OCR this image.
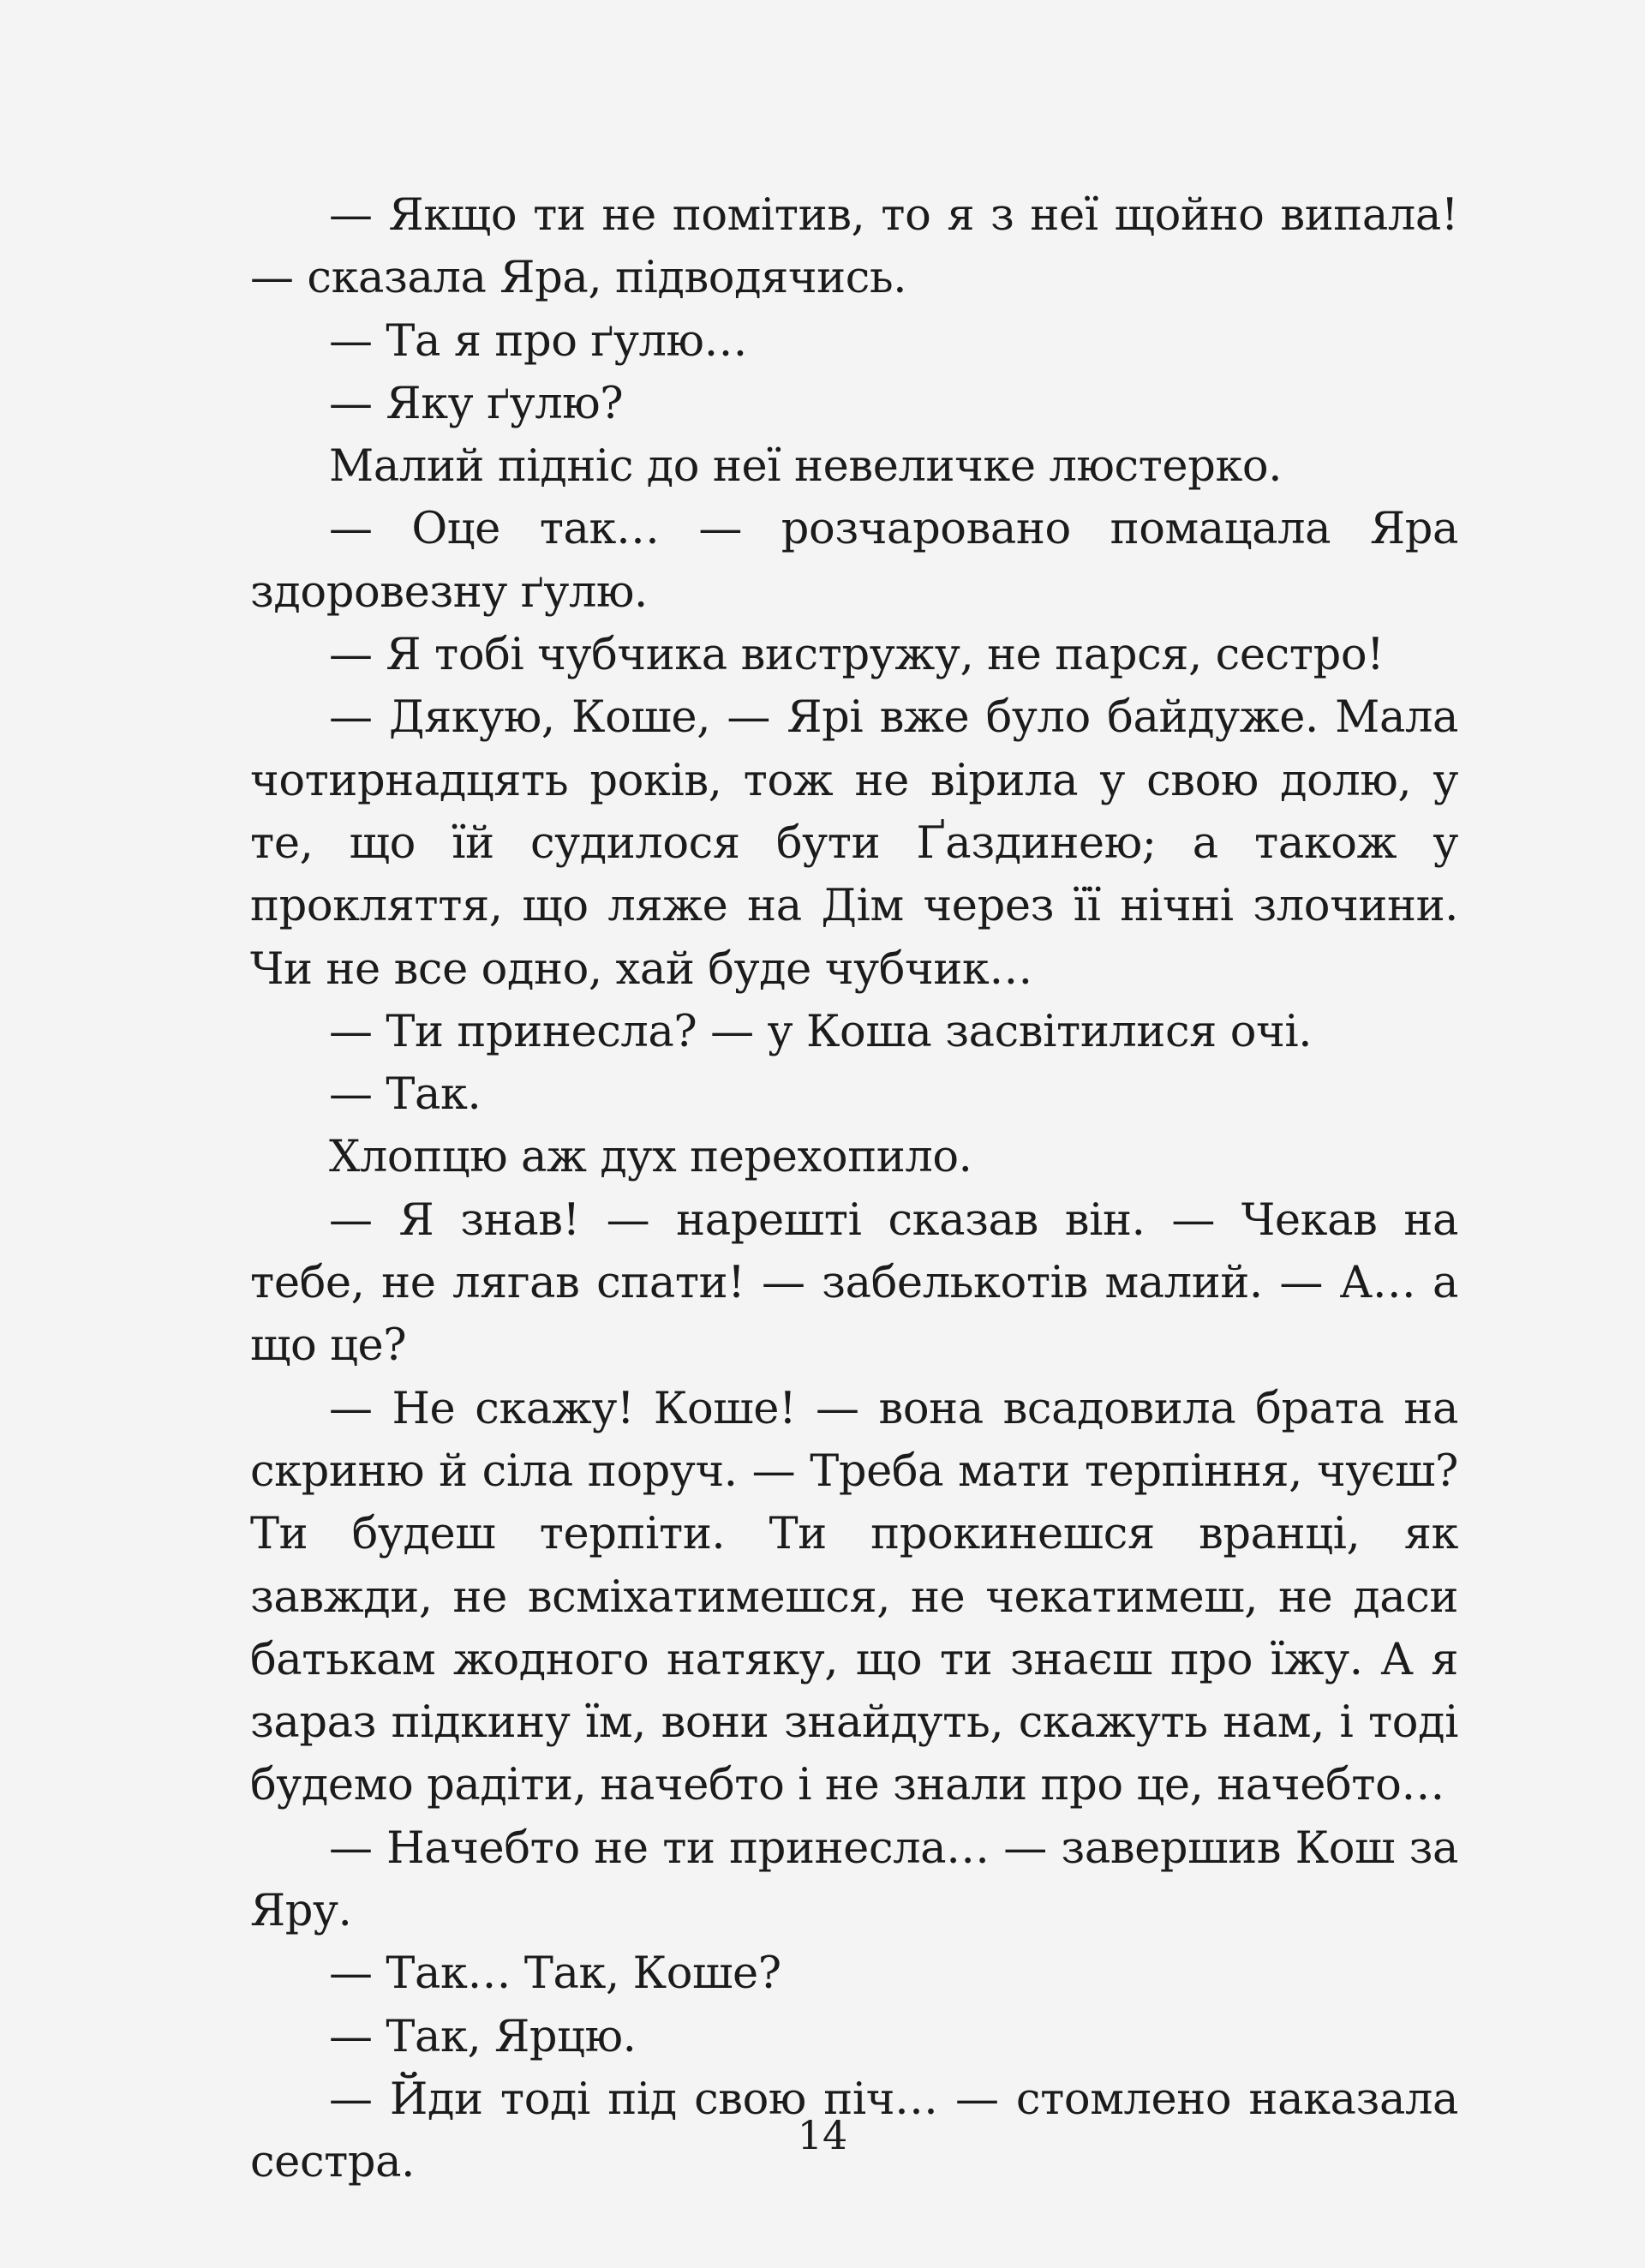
— Якщо ти не помітив, то я з неї щойно випала! — сказала Яра, підводячись.

— Та я про ґулю…

— Яку ґулю?

Малий підніс до неї невеличке люстерко.

— Оце так… — розчаровано помацала Яра здоровезну ґулю.

— Я тобі чубчика вистружу, не парся, сестро!

— Дякую, Коше, — Ярі вже було байдуже. Мала чотирнадцять років, тож не вірила у свою долю, у те, що їй судилося бути Ґаздинею; а також у прокляття, що ляже на Дім через її нічні злочини. Чи не все одно, хай буде чубчик…

— Ти принесла? — у Коша засвітилися очі.

— Так.

Хлопцю аж дух перехопило.

— Я знав! — нарешті сказав він. — Чекав на тебе, не лягав спати! — забелькотів малий. — А… а що це?

— Не скажу! Коше! — вона всадовила брата на скриню й сіла поруч. — Треба мати терпіння, чуєш? Ти будеш терпіти. Ти прокинешся вранці, як завжди, не всміхатимешся, не чекатимеш, не даси батькам жодного натяку, що ти знаєш про їжу. А я зараз підкину їм, вони знайдуть, скажуть нам, і тоді будемо радіти, начебто і не знали про це, начебто…

— Начебто не ти принесла… — завершив Кош за Яру.

— Так… Так, Коше?

— Так, Ярцю.

— Йди тоді під свою піч… — стомлено наказала сестра.

14
